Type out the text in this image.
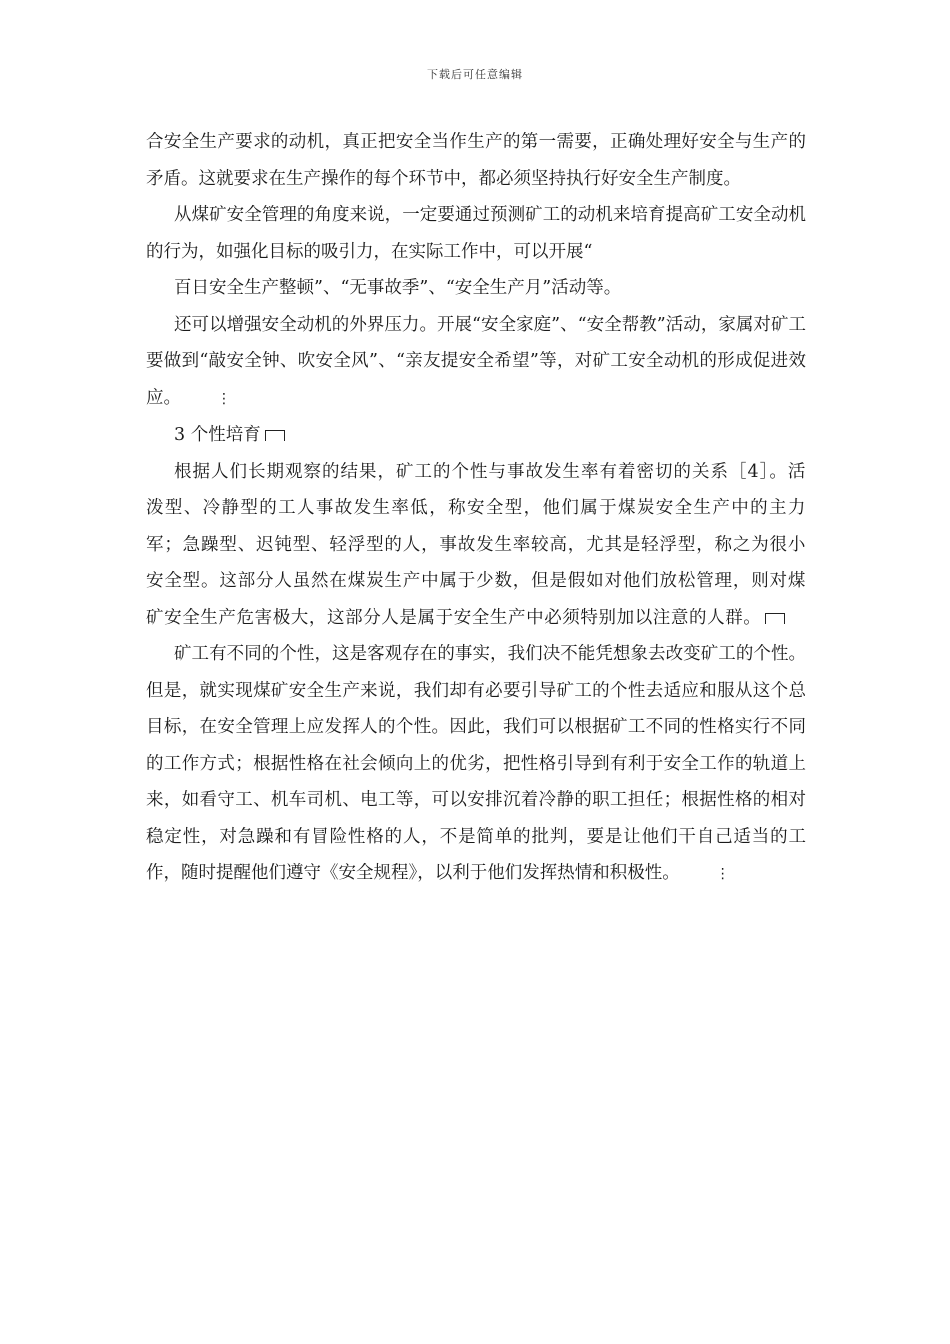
下载后可任意编辑

合安全生产要求的动机，真正把安全当作生产的第一需要，正确处理好安全与生产的矛盾。这就要求在生产操作的每个环节中，都必须坚持执行好安全生产制度。

从煤矿安全管理的角度来说，一定要通过预测矿工的动机来培育提高矿工安全动机的行为，如强化目标的吸引力，在实际工作中，可以开展“

百日安全生产整顿”、“无事故季”、“安全生产月”活动等。

还可以增强安全动机的外界压力。开展“安全家庭”、“安全帮教”活动，家属对矿工要做到“敲安全钟、吹安全风”、“亲友提安全希望”等，对矿工安全动机的形成促进效应。	⋮

3 个性培育

根据人们长期观察的结果，矿工的个性与事故发生率有着密切的关系［4］。活泼型、冷静型的工人事故发生率低，称安全型，他们属于煤炭安全生产中的主力军；急躁型、迟钝型、轻浮型的人，事故发生率较高，尤其是轻浮型，称之为很小安全型。这部分人虽然在煤炭生产中属于少数，但是假如对他们放松管理，则对煤矿安全生产危害极大，这部分人是属于安全生产中必须特别加以注意的人群。

矿工有不同的个性，这是客观存在的事实，我们决不能凭想象去改变矿工的个性。但是，就实现煤矿安全生产来说，我们却有必要引导矿工的个性去适应和服从这个总目标，在安全管理上应发挥人的个性。因此，我们可以根据矿工不同的性格实行不同的工作方式；根据性格在社会倾向上的优劣，把性格引导到有利于安全工作的轨道上来，如看守工、机车司机、电工等，可以安排沉着冷静的职工担任；根据性格的相对稳定性，对急躁和有冒险性格的人，不是简单的批判，要是让他们干自己适当的工作，随时提醒他们遵守《安全规程》，以利于他们发挥热情和积极性。	⋮
